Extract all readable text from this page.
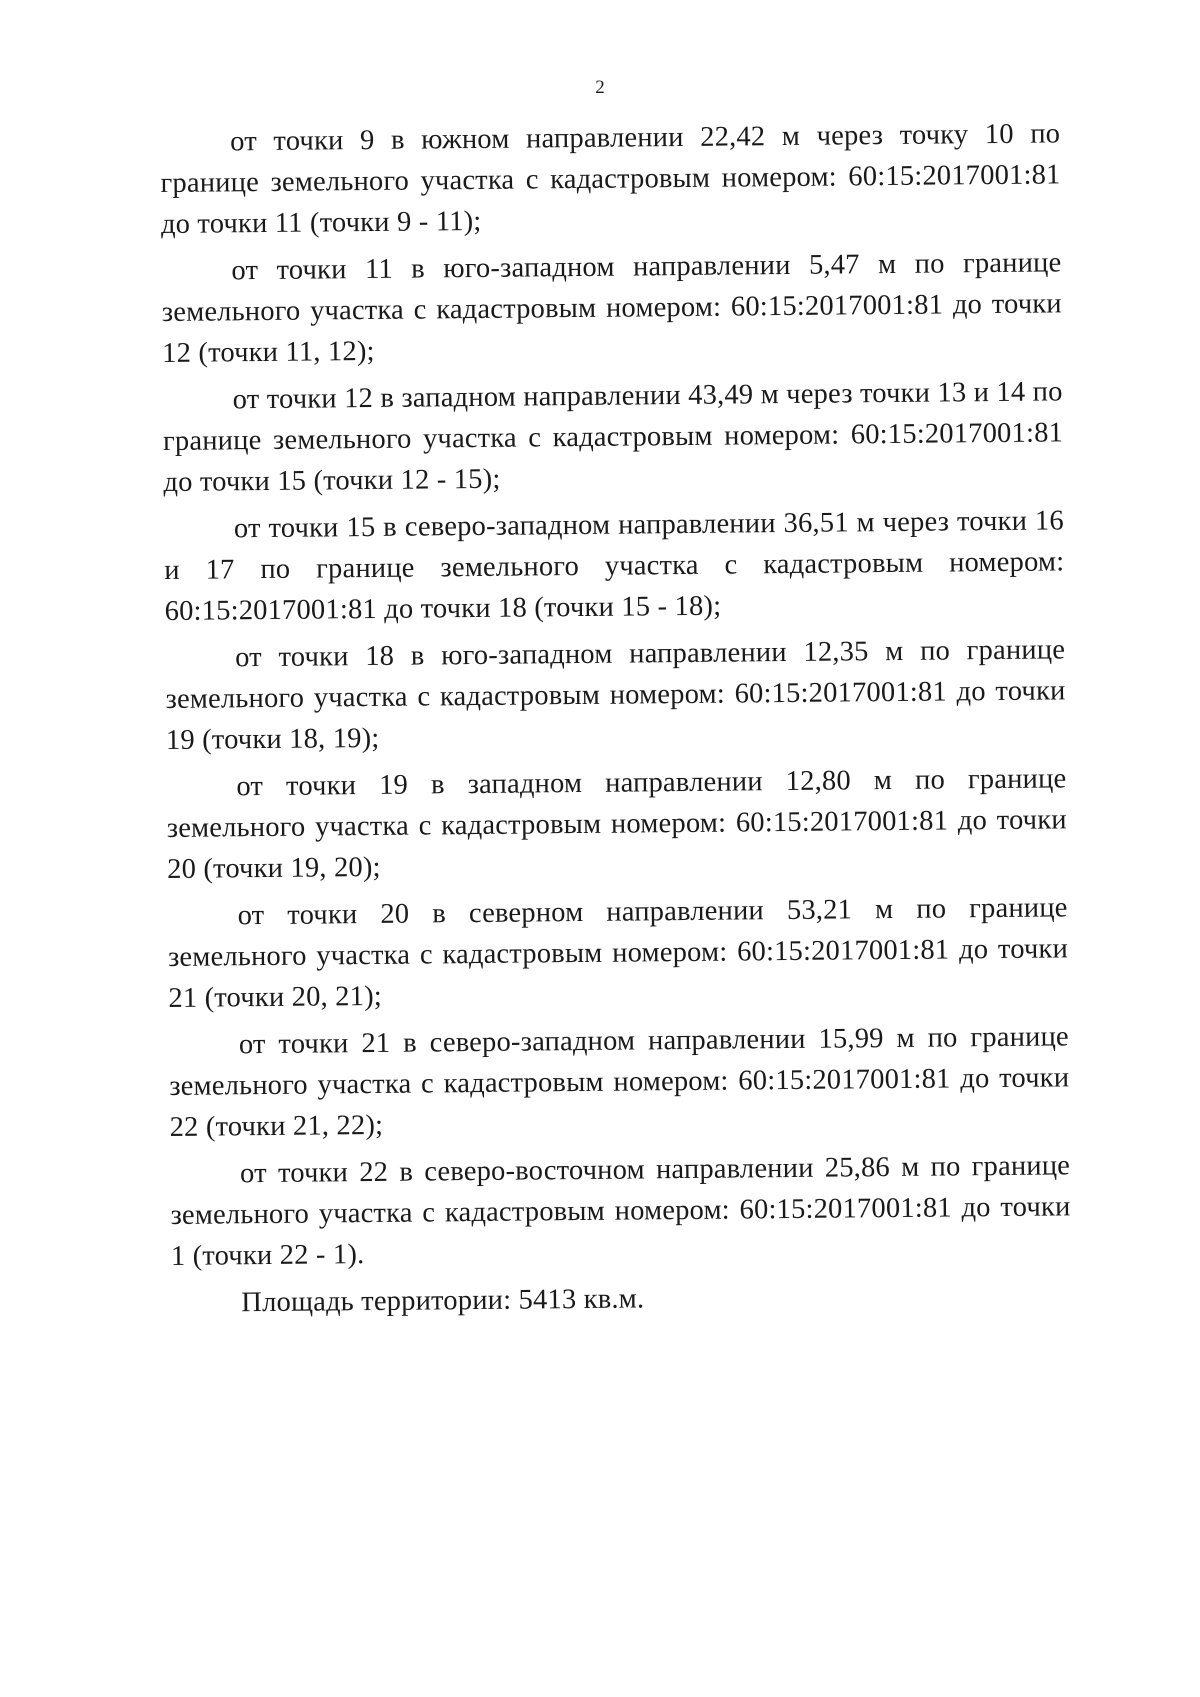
2

от точки 9 в южном направлении 22,42 м через точку 10 по границе земельного участка с кадастровым номером: 60:15:2017001:81 до точки 11 (точки 9 - 11);

от точки 11 в юго-западном направлении 5,47 м по границе земельного участка с кадастровым номером: 60:15:2017001:81 до точки 12 (точки 11, 12);

от точки 12 в западном направлении 43,49 м через точки 13 и 14 по границе земельного участка с кадастровым номером: 60:15:2017001:81 до точки 15 (точки 12 - 15);

от точки 15 в северо-западном направлении 36,51 м через точки 16 и 17 по границе земельного участка с кадастровым номером: 60:15:2017001:81 до точки 18 (точки 15 - 18);

от точки 18 в юго-западном направлении 12,35 м по границе земельного участка с кадастровым номером: 60:15:2017001:81 до точки 19 (точки 18, 19);

от точки 19 в западном направлении 12,80 м по границе земельного участка с кадастровым номером: 60:15:2017001:81 до точки 20 (точки 19, 20);

от точки 20 в северном направлении 53,21 м по границе земельного участка с кадастровым номером: 60:15:2017001:81 до точки 21 (точки 20, 21);

от точки 21 в северо-западном направлении 15,99 м по границе земельного участка с кадастровым номером: 60:15:2017001:81 до точки 22 (точки 21, 22);

от точки 22 в северо-восточном направлении 25,86 м по границе земельного участка с кадастровым номером: 60:15:2017001:81 до точки 1 (точки 22 - 1).

Площадь территории: 5413 кв.м.
